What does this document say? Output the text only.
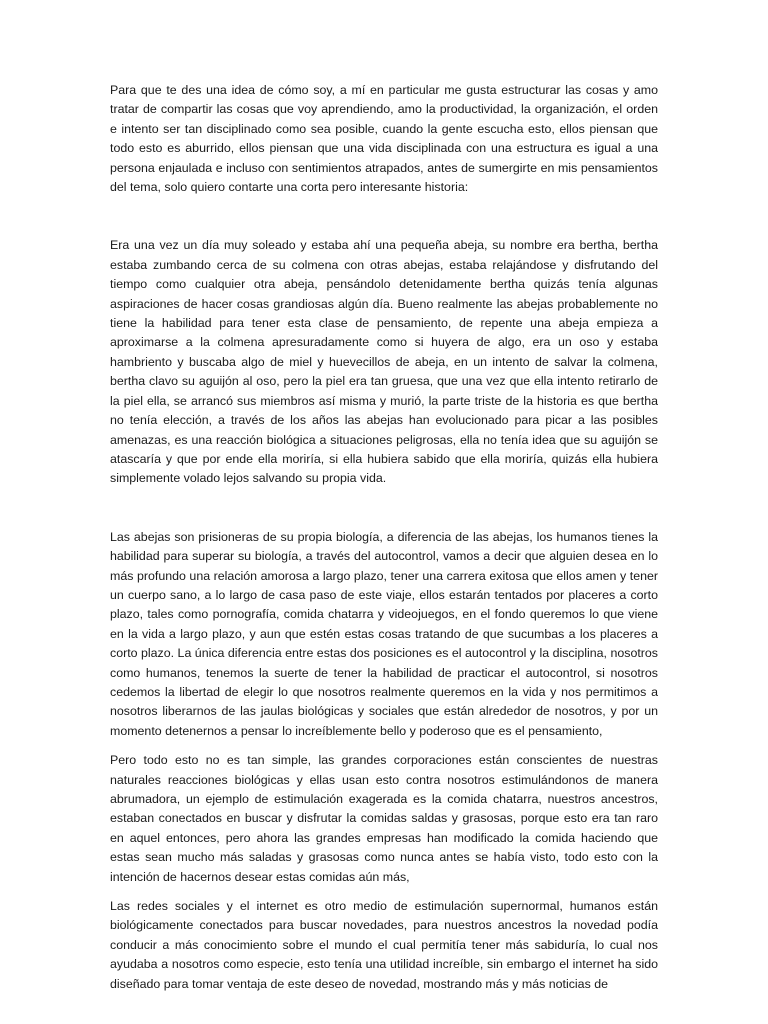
Para que te des una idea de cómo soy, a mí en particular me gusta estructurar las cosas y amo tratar de compartir las cosas que voy aprendiendo, amo la productividad, la organización, el orden e intento ser tan disciplinado como sea posible, cuando la gente escucha esto, ellos piensan que todo esto es aburrido, ellos piensan que una vida disciplinada con una estructura es igual a una persona enjaulada e incluso con sentimientos atrapados, antes de sumergirte en mis pensamientos del tema, solo quiero contarte una corta pero interesante historia:

Era una vez un día muy soleado y estaba ahí una pequeña abeja, su nombre era bertha, bertha estaba zumbando cerca de su colmena con otras abejas, estaba relajándose y disfrutando del tiempo como cualquier otra abeja, pensándolo detenidamente bertha quizás tenía algunas aspiraciones de hacer cosas grandiosas algún día. Bueno realmente las abejas probablemente no tiene la habilidad para tener esta clase de pensamiento, de repente una abeja empieza a aproximarse a la colmena apresuradamente como si huyera de algo, era un oso y estaba hambriento y buscaba algo de miel y huevecillos de abeja, en un intento de salvar la colmena, bertha clavo su aguijón al oso, pero la piel era tan gruesa, que una vez que ella intento retirarlo de la piel ella, se arrancó sus miembros así misma y murió, la parte triste de la historia es que bertha no tenía elección, a través de los años las abejas han evolucionado para picar a las posibles amenazas, es una reacción biológica a situaciones peligrosas, ella no tenía idea que su aguijón se atascaría y que por ende ella moriría, si ella hubiera sabido que ella moriría, quizás ella hubiera simplemente volado lejos salvando su propia vida.

Las abejas son prisioneras de su propia biología, a diferencia de las abejas, los humanos tienes la habilidad para superar su biología, a través del autocontrol, vamos a decir que alguien desea en lo más profundo una relación amorosa a largo plazo, tener una carrera exitosa que ellos amen y tener un cuerpo sano, a lo largo de casa paso de este viaje, ellos estarán tentados por placeres a corto plazo, tales como pornografía, comida chatarra y videojuegos, en el fondo queremos lo que viene en la vida a largo plazo, y aun que estén estas cosas tratando de que sucumbas a los placeres a corto plazo. La única diferencia entre estas dos posiciones es el autocontrol y la disciplina, nosotros como humanos, tenemos la suerte de tener la habilidad de practicar el autocontrol, si nosotros cedemos la libertad de elegir lo que nosotros realmente queremos en la vida y nos permitimos a nosotros liberarnos de las jaulas biológicas y sociales que están alrededor de nosotros, y por un momento detenernos a pensar lo increíblemente bello y poderoso que es el pensamiento,

Pero todo esto no es tan simple, las grandes corporaciones están conscientes de nuestras naturales reacciones biológicas y ellas usan esto contra nosotros estimulándonos de manera abrumadora, un ejemplo de estimulación exagerada es la comida chatarra, nuestros ancestros, estaban conectados en buscar y disfrutar la comidas saldas y grasosas, porque esto era tan raro en aquel entonces, pero ahora las grandes empresas han modificado la comida haciendo que estas sean mucho más saladas y grasosas como nunca antes se había visto, todo esto con la intención de hacernos desear estas comidas aún más,

Las redes sociales y el internet es otro medio de estimulación supernormal, humanos están biológicamente conectados para buscar novedades, para nuestros ancestros la novedad podía conducir a más conocimiento sobre el mundo el cual permitía tener más sabiduría, lo cual nos ayudaba a nosotros como especie, esto tenía una utilidad increíble, sin embargo el internet ha sido diseñado para tomar ventaja de este deseo de novedad, mostrando más y más noticias de
